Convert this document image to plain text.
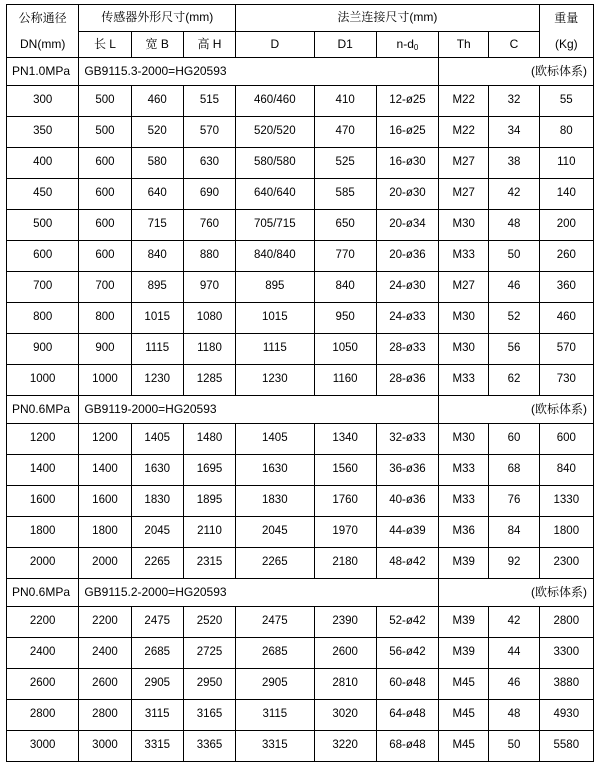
公称通径	传感器外形尺寸(mm)			法兰连接尺寸(mm)					重量

DN(mm)	长 L	宽 B	高 H	D	D1	$n-d_0$	Th	C	(Kg)

PN1.0MPa	GB9115.3-2000=HG20593						(欧标体系)		
300	500	460	515	460/460	410	12-ø25	M22	32	55
350	500	520	570	520/520	470	16-ø25	M22	34	80
400	600	580	630	580/580	525	16-ø30	M27	38	110
450	600	640	690	640/640	585	20-ø30	M27	42	140
500	600	715	760	705/715	650	20-ø34	M30	48	200
600	600	840	880	840/840	770	20-ø36	M33	50	260
700	700	895	970	895	840	24-ø30	M27	46	360
800	800	1015	1080	1015	950	24-ø33	M30	52	460
900	900	1115	1180	1115	1050	28-ø33	M30	56	570
1000	1000	1230	1285	1230	1160	28-ø36	M33	62	730
PN0.6MPa	GB9119-2000=HG20593						(欧标体系)		
1200	1200	1405	1480	1405	1340	32-ø33	M30	60	600
1400	1400	1630	1695	1630	1560	36-ø36	M33	68	840
1600	1600	1830	1895	1830	1760	40-ø36	M33	76	1330
1800	1800	2045	2110	2045	1970	44-ø39	M36	84	1800
2000	2000	2265	2315	2265	2180	48-ø42	M39	92	2300
PN0.6MPa	GB9115.2-2000=HG20593						(欧标体系)		
2200	2200	2475	2520	2475	2390	52-ø42	M39	42	2800
2400	2400	2685	2725	2685	2600	56-ø42	M39	44	3300
2600	2600	2905	2950	2905	2810	60-ø48	M45	46	3880
2800	2800	3115	3165	3115	3020	64-ø48	M45	48	4930
3000	3000	3315	3365	3315	3220	68-ø48	M45	50	5580
